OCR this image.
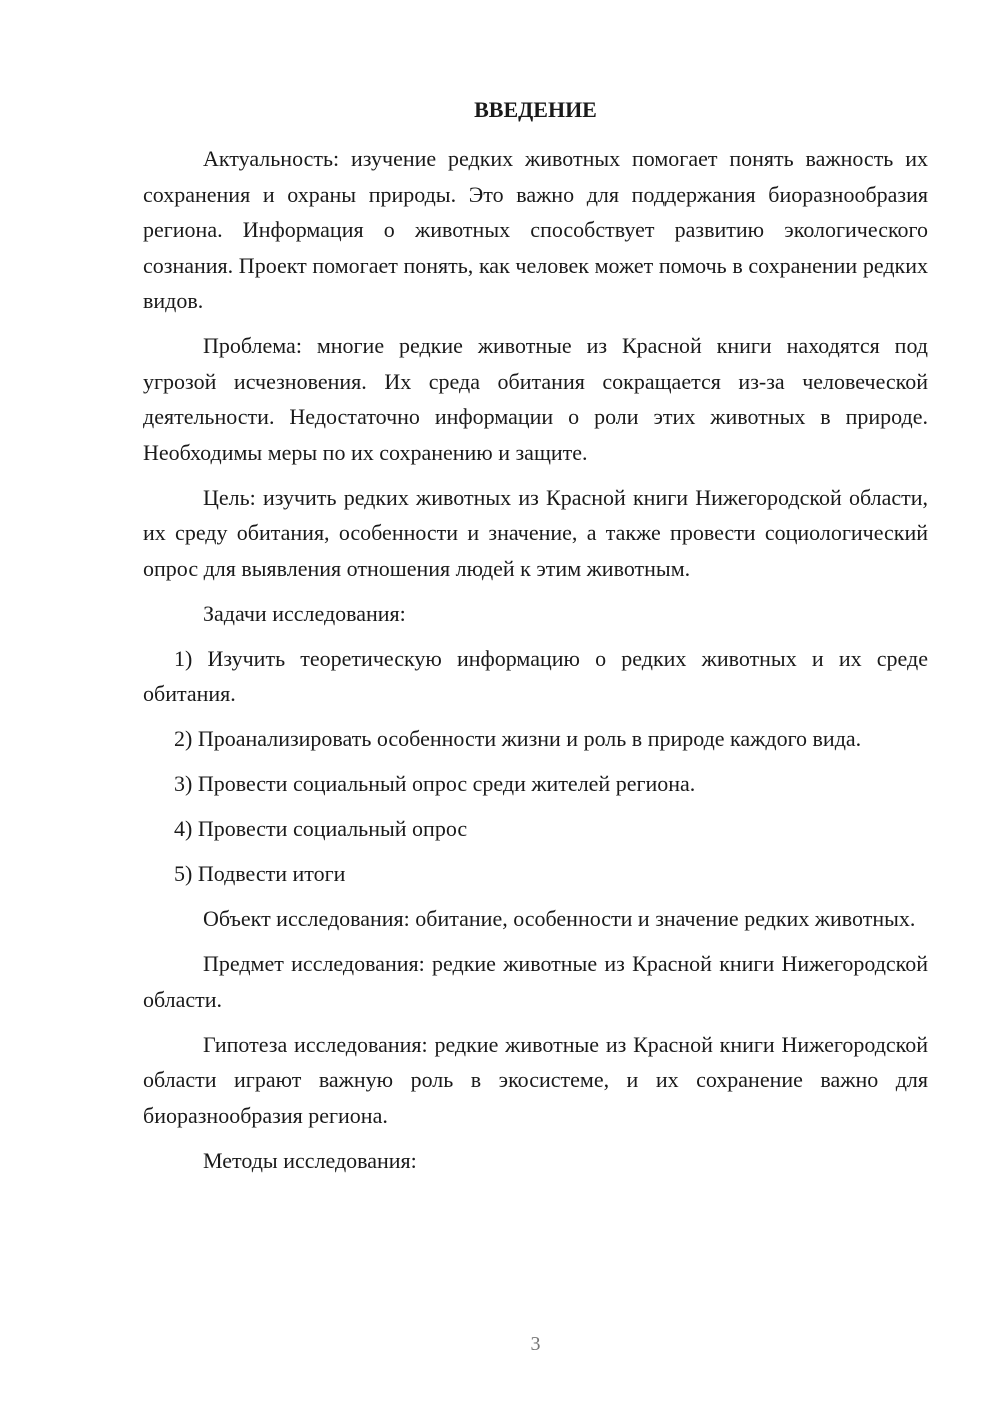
ВВЕДЕНИЕ

Актуальность: изучение редких животных помогает понять важность их сохранения и охраны природы. Это важно для поддержания биоразнообразия региона. Информация о животных способствует развитию экологического сознания. Проект помогает понять, как человек может помочь в сохранении редких видов.

Проблема: многие редкие животные из Красной книги находятся под угрозой исчезновения. Их среда обитания сокращается из-за человеческой деятельности. Недостаточно информации о роли этих животных в природе. Необходимы меры по их сохранению и защите.

Цель: изучить редких животных из Красной книги Нижегородской области, их среду обитания, особенности и значение, а также провести социологический опрос для выявления отношения людей к этим животным.

Задачи исследования:

1) Изучить теоретическую информацию о редких животных и их среде обитания.

2) Проанализировать особенности жизни и роль в природе каждого вида.

3) Провести социальный опрос среди жителей региона.

4) Провести социальный опрос

5) Подвести итоги

Объект исследования: обитание, особенности и значение редких животных.

Предмет исследования: редкие животные из Красной книги Нижегородской области.

Гипотеза исследования: редкие животные из Красной книги Нижегородской области играют важную роль в экосистеме, и их сохранение важно для биоразнообразия региона.

Методы исследования:

3
